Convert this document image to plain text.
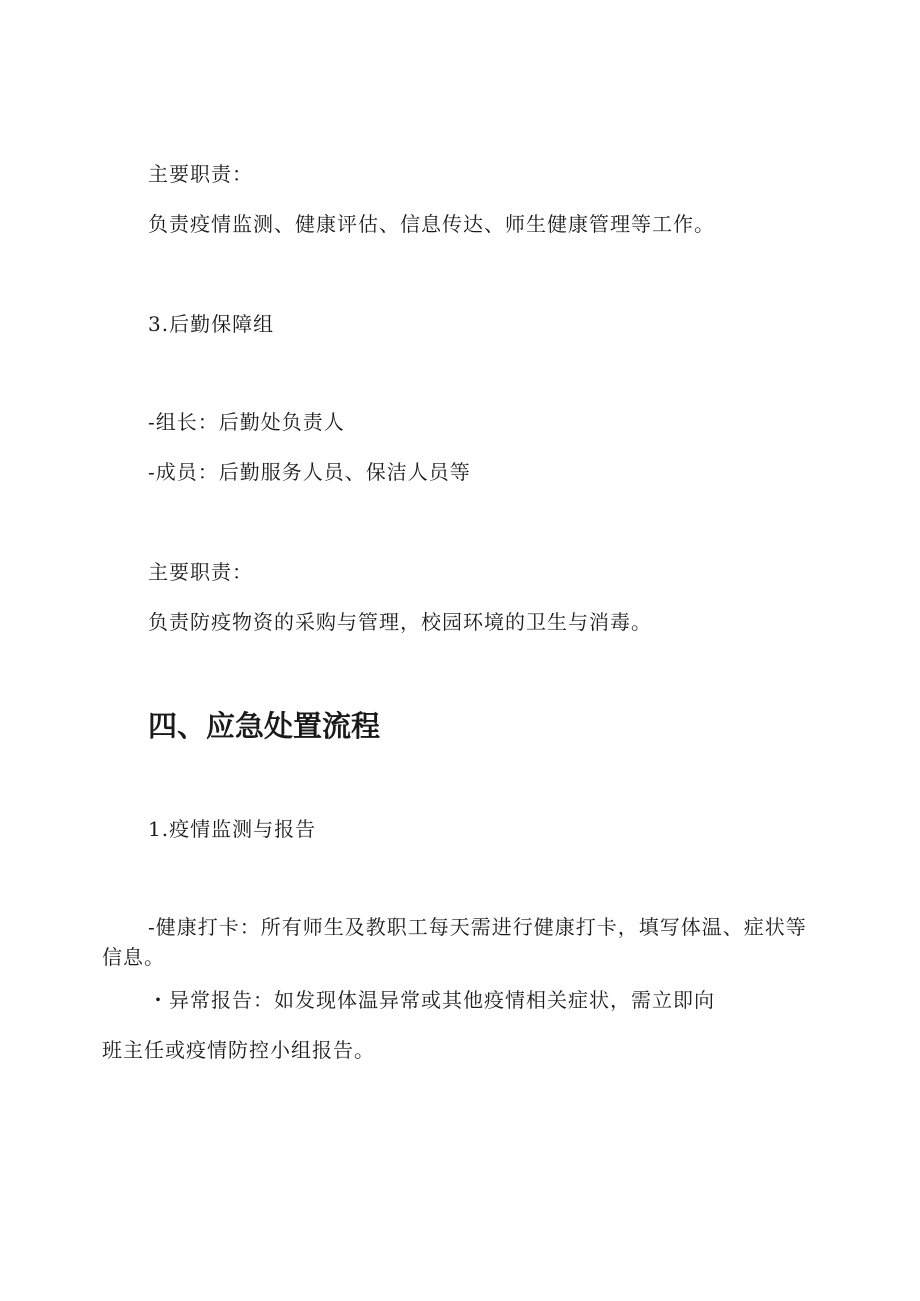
主要职责：

负责疫情监测、健康评估、信息传达、师生健康管理等工作。

3.后勤保障组

-组长：后勤处负责人

-成员：后勤服务人员、保洁人员等

主要职责：

负责防疫物资的采购与管理，校园环境的卫生与消毒。

四、应急处置流程

1.疫情监测与报告

-健康打卡：所有师生及教职工每天需进行健康打卡，填写体温、症状等信息。

・异常报告：如发现体温异常或其他疫情相关症状，需立即向

班主任或疫情防控小组报告。
